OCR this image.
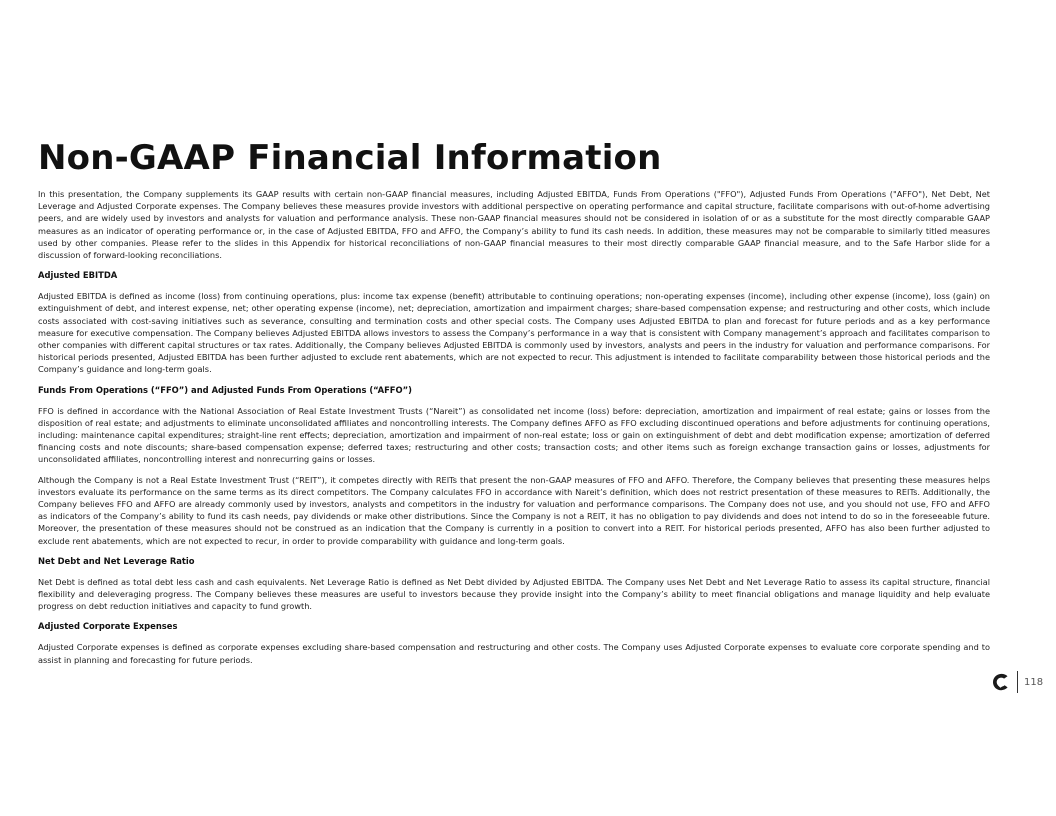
Non-GAAP Financial Information

In this presentation, the Company supplements its GAAP results with certain non-GAAP financial measures, including Adjusted EBITDA, Funds From Operations ("FFO"), Adjusted Funds From Operations ("AFFO"), Net Debt, Net Leverage and Adjusted Corporate expenses. The Company believes these measures provide investors with additional perspective on operating performance and capital structure, facilitate comparisons with out-of-home advertising peers, and are widely used by investors and analysts for valuation and performance analysis. These non-GAAP financial measures should not be considered in isolation of or as a substitute for the most directly comparable GAAP measures as an indicator of operating performance or, in the case of Adjusted EBITDA, FFO and AFFO, the Company’s ability to fund its cash needs. In addition, these measures may not be comparable to similarly titled measures used by other companies. Please refer to the slides in this Appendix for historical reconciliations of non-GAAP financial measures to their most directly comparable GAAP financial measure, and to the Safe Harbor slide for a discussion of forward-looking reconciliations.

Adjusted EBITDA

Adjusted EBITDA is defined as income (loss) from continuing operations, plus: income tax expense (benefit) attributable to continuing operations; non-operating expenses (income), including other expense (income), loss (gain) on extinguishment of debt, and interest expense, net; other operating expense (income), net; depreciation, amortization and impairment charges; share-based compensation expense; and restructuring and other costs, which include costs associated with cost-saving initiatives such as severance, consulting and termination costs and other special costs. The Company uses Adjusted EBITDA to plan and forecast for future periods and as a key performance measure for executive compensation. The Company believes Adjusted EBITDA allows investors to assess the Company’s performance in a way that is consistent with Company management’s approach and facilitates comparison to other companies with different capital structures or tax rates. Additionally, the Company believes Adjusted EBITDA is commonly used by investors, analysts and peers in the industry for valuation and performance comparisons. For historical periods presented, Adjusted EBITDA has been further adjusted to exclude rent abatements, which are not expected to recur. This adjustment is intended to facilitate comparability between those historical periods and the Company’s guidance and long-term goals.

Funds From Operations (“FFO”) and Adjusted Funds From Operations (“AFFO”)

FFO is defined in accordance with the National Association of Real Estate Investment Trusts (“Nareit”) as consolidated net income (loss) before: depreciation, amortization and impairment of real estate; gains or losses from the disposition of real estate; and adjustments to eliminate unconsolidated affiliates and noncontrolling interests. The Company defines AFFO as FFO excluding discontinued operations and before adjustments for continuing operations, including: maintenance capital expenditures; straight-line rent effects; depreciation, amortization and impairment of non-real estate; loss or gain on extinguishment of debt and debt modification expense; amortization of deferred financing costs and note discounts; share-based compensation expense; deferred taxes; restructuring and other costs; transaction costs; and other items such as foreign exchange transaction gains or losses, adjustments for unconsolidated affiliates, noncontrolling interest and nonrecurring gains or losses.

Although the Company is not a Real Estate Investment Trust (“REIT”), it competes directly with REITs that present the non-GAAP measures of FFO and AFFO. Therefore, the Company believes that presenting these measures helps investors evaluate its performance on the same terms as its direct competitors. The Company calculates FFO in accordance with Nareit’s definition, which does not restrict presentation of these measures to REITs. Additionally, the Company believes FFO and AFFO are already commonly used by investors, analysts and competitors in the industry for valuation and performance comparisons. The Company does not use, and you should not use, FFO and AFFO as indicators of the Company’s ability to fund its cash needs, pay dividends or make other distributions. Since the Company is not a REIT, it has no obligation to pay dividends and does not intend to do so in the foreseeable future. Moreover, the presentation of these measures should not be construed as an indication that the Company is currently in a position to convert into a REIT. For historical periods presented, AFFO has also been further adjusted to exclude rent abatements, which are not expected to recur, in order to provide comparability with guidance and long-term goals.

Net Debt and Net Leverage Ratio

Net Debt is defined as total debt less cash and cash equivalents. Net Leverage Ratio is defined as Net Debt divided by Adjusted EBITDA. The Company uses Net Debt and Net Leverage Ratio to assess its capital structure, financial flexibility and deleveraging progress. The Company believes these measures are useful to investors because they provide insight into the Company’s ability to meet financial obligations and manage liquidity and help evaluate progress on debt reduction initiatives and capacity to fund growth.

Adjusted Corporate Expenses

Adjusted Corporate expenses is defined as corporate expenses excluding share-based compensation and restructuring and other costs. The Company uses Adjusted Corporate expenses to evaluate core corporate spending and to assist in planning and forecasting for future periods.

118
